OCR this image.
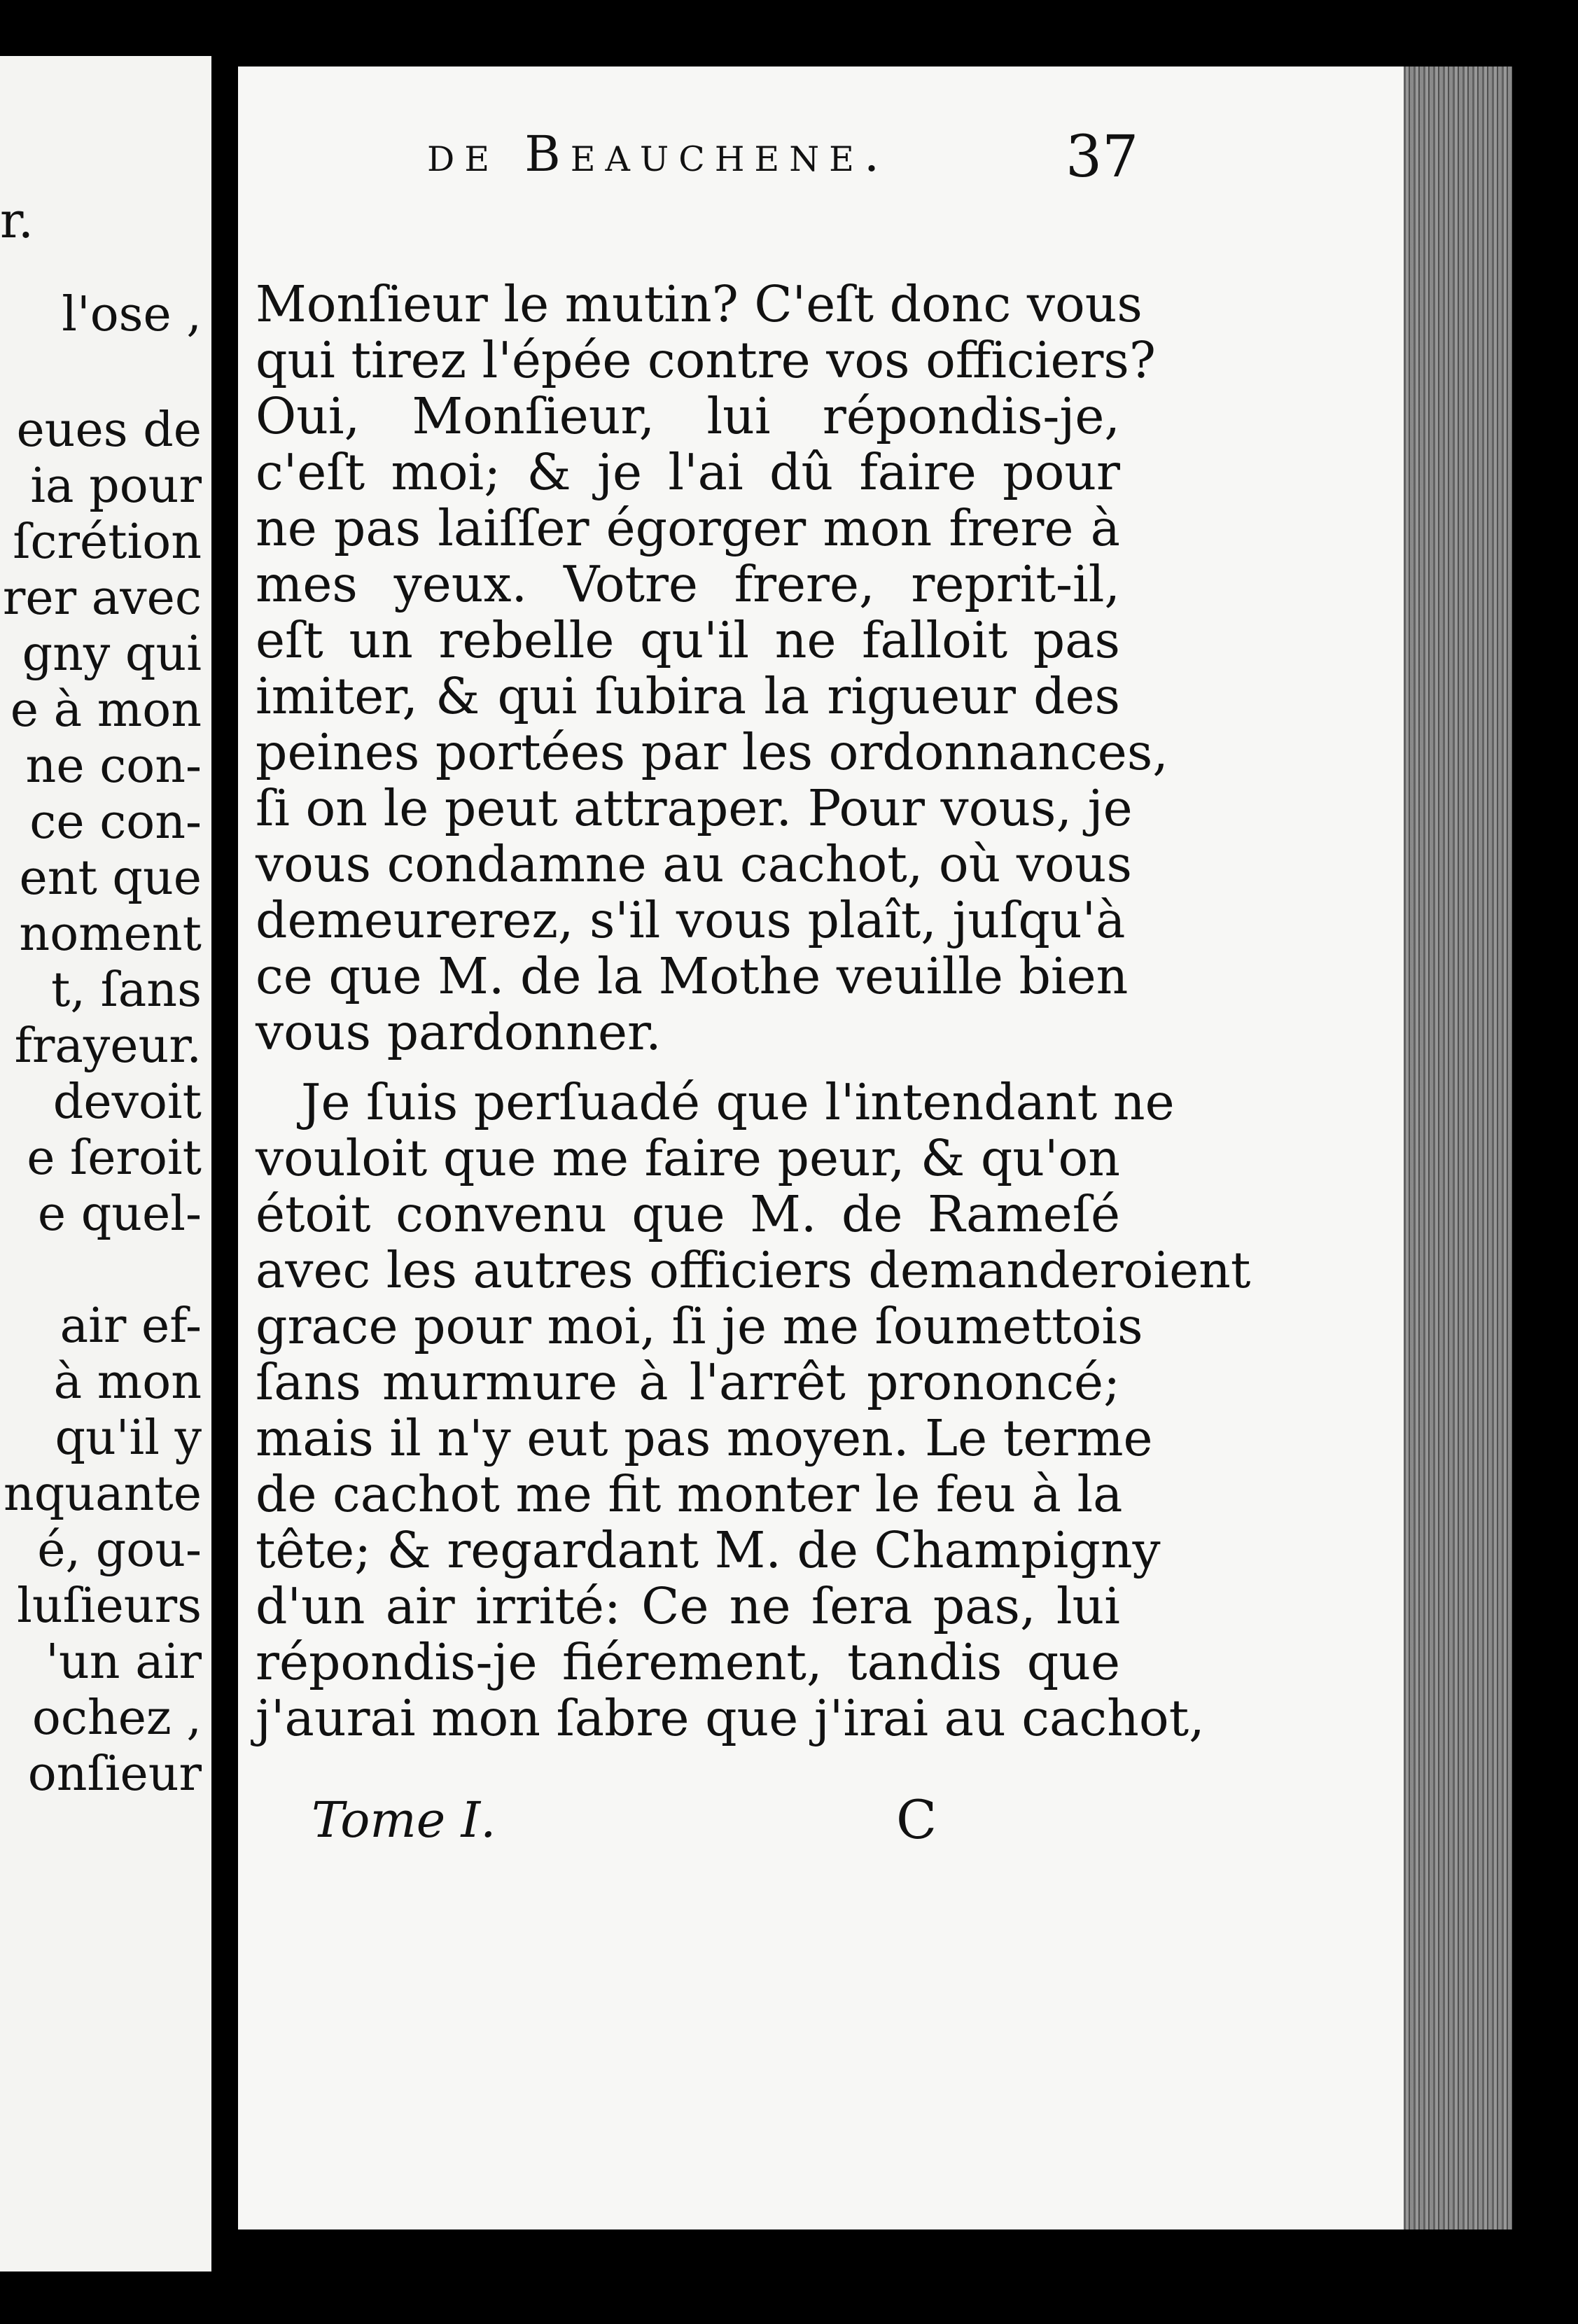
r.
l'ose ,
eues de
ia pour
ſcrétion
rer avec
gny qui
e à mon
ne con-
ce con-
ent que
noment
t, ſans
frayeur.
devoit
e ſeroit
e quel-
air ef-
à mon
qu'il y
nquante
é, gou-
luſieurs
'un air
ochez ,
onſieur
de Beauchene.	37
Monſieur le mutin? C'eſt donc vous
qui tirez l'épée contre vos officiers?
Oui, Monſieur, lui répondis-je,
c'eſt moi; & je l'ai dû faire pour
ne pas laiſſer égorger mon frere à
mes yeux. Votre frere, reprit-il,
eſt un rebelle qu'il ne falloit pas
imiter, & qui ſubira la rigueur des
peines portées par les ordonnances,
ſi on le peut attraper. Pour vous, je
vous condamne au cachot, où vous
demeurerez, s'il vous plaît, juſqu'à
ce que M. de la Mothe veuille bien
vous pardonner.
Je ſuis perſuadé que l'intendant ne
vouloit que me faire peur, & qu'on
étoit convenu que M. de Rameſé
avec les autres officiers demanderoient
grace pour moi, ſi je me ſoumettois
ſans murmure à l'arrêt prononcé;
mais il n'y eut pas moyen. Le terme
de cachot me fit monter le feu à la
tête; & regardant M. de Champigny
d'un air irrité: Ce ne ſera pas, lui
répondis-je fiérement, tandis que
j'aurai mon ſabre que j'irai au cachot,
Tome I.	C
